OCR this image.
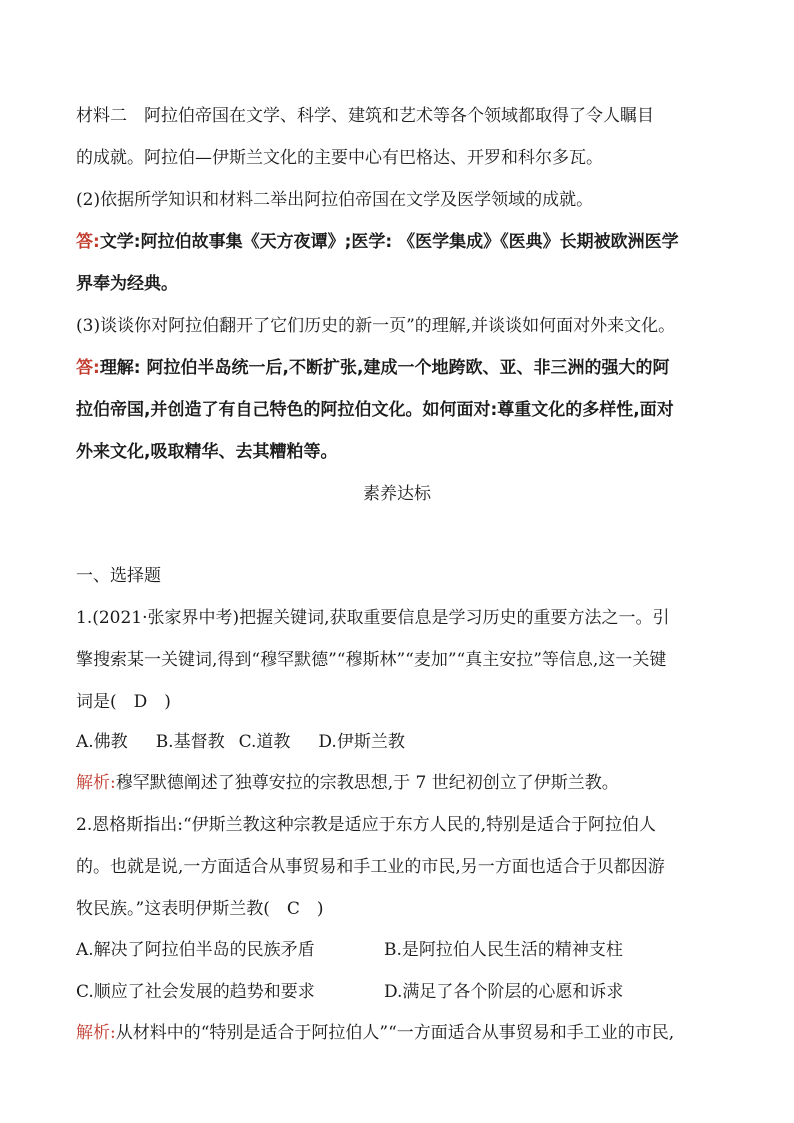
材料二　阿拉伯帝国在文学、科学、建筑和艺术等各个领域都取得了令人瞩目
的成就。阿拉伯—伊斯兰文化的主要中心有巴格达、开罗和科尔多瓦。
(2)依据所学知识和材料二举出阿拉伯帝国在文学及医学领域的成就。
答:文学:阿拉伯故事集《天方夜谭》;医学: 《医学集成》《医典》长期被欧洲医学
界奉为经典。
(3)谈谈你对阿拉伯翻开了它们历史的新一页”的理解,并谈谈如何面对外来文化。
答:理解: 阿拉伯半岛统一后,不断扩张,建成一个地跨欧、亚、非三洲的强大的阿
拉伯帝国,并创造了有自己特色的阿拉伯文化。如何面对:尊重文化的多样性,面对
外来文化,吸取精华、去其糟粕等。
素养达标
一、选择题
1.(2021·张家界中考)把握关键词,获取重要信息是学习历史的重要方法之一。引
擎搜索某一关键词,得到“穆罕默德”“穆斯林”“麦加”“真主安拉”等信息,这一关键
词是( D )
A.佛教 B.基督教 C.道教 D.伊斯兰教
解析:穆罕默德阐述了独尊安拉的宗教思想,于 7 世纪初创立了伊斯兰教。
2.恩格斯指出:“伊斯兰教这种宗教是适应于东方人民的,特别是适合于阿拉伯人
的。也就是说,一方面适合从事贸易和手工业的市民,另一方面也适合于贝都因游
牧民族。”这表明伊斯兰教( C )
A.解决了阿拉伯半岛的民族矛盾	B.是阿拉伯人民生活的精神支柱
C.顺应了社会发展的趋势和要求	D.满足了各个阶层的心愿和诉求
解析:从材料中的“特别是适合于阿拉伯人”“一方面适合从事贸易和手工业的市民,
